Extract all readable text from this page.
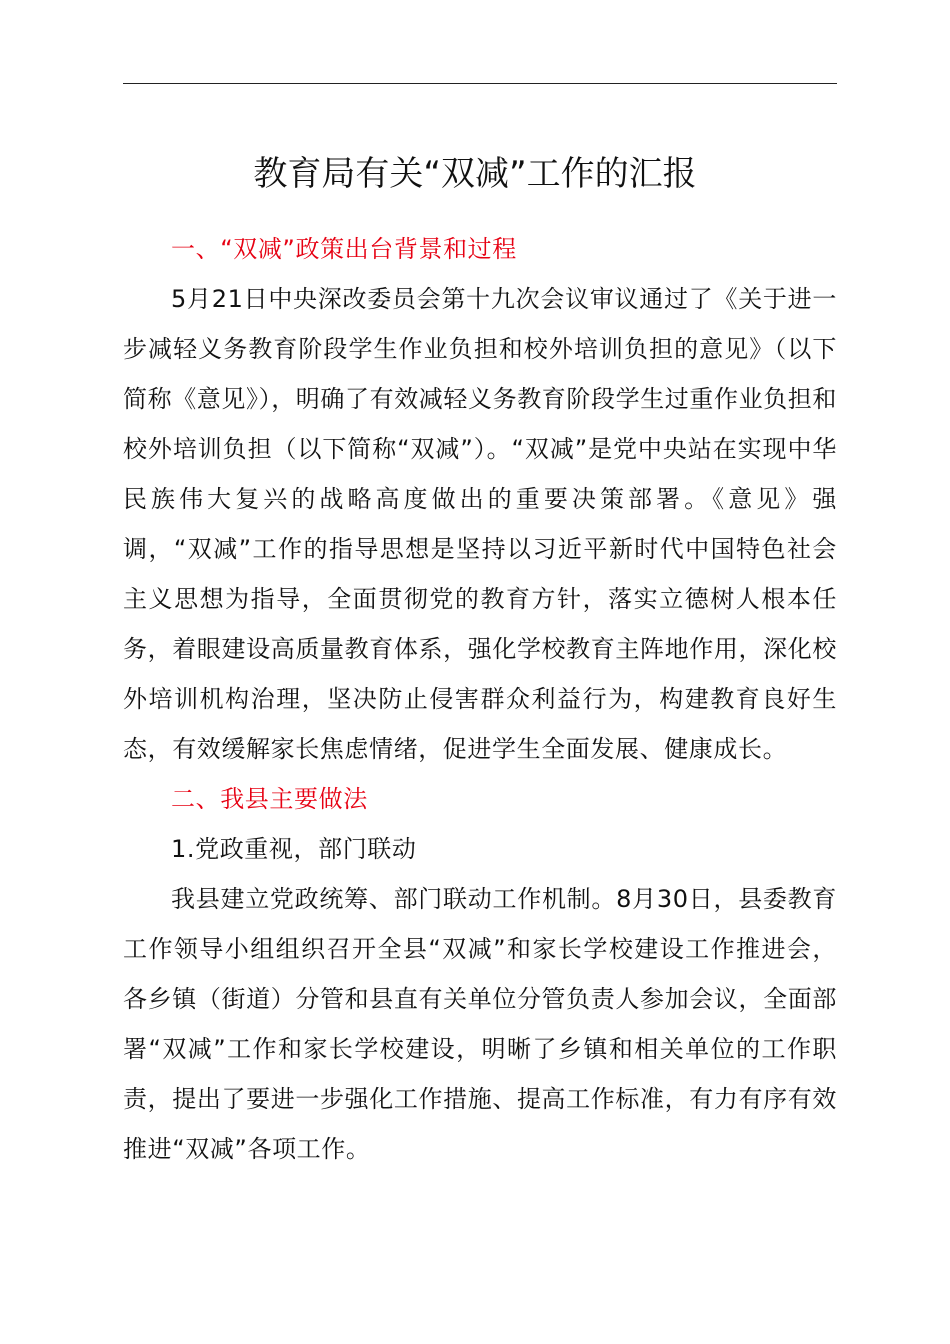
教育局有关“双减”工作的汇报

一、“双减”政策出台背景和过程

5月21日中央深改委员会第十九次会议审议通过了《关于进一步减轻义务教育阶段学生作业负担和校外培训负担的意见》（以下简称《意见》），明确了有效减轻义务教育阶段学生过重作业负担和校外培训负担（以下简称“双减”）。“双减”是党中央站在实现中华民族伟大复兴的战略高度做出的重要决策部署。《意见》强调，“双减”工作的指导思想是坚持以习近平新时代中国特色社会主义思想为指导，全面贯彻党的教育方针，落实立德树人根本任务，着眼建设高质量教育体系，强化学校教育主阵地作用，深化校外培训机构治理，坚决防止侵害群众利益行为，构建教育良好生态，有效缓解家长焦虑情绪，促进学生全面发展、健康成长。

二、我县主要做法

1.党政重视，部门联动

我县建立党政统筹、部门联动工作机制。8月30日，县委教育工作领导小组组织召开全县“双减”和家长学校建设工作推进会，各乡镇（街道）分管和县直有关单位分管负责人参加会议，全面部署“双减”工作和家长学校建设，明晰了乡镇和相关单位的工作职责，提出了要进一步强化工作措施、提高工作标准，有力有序有效推进“双减”各项工作。
